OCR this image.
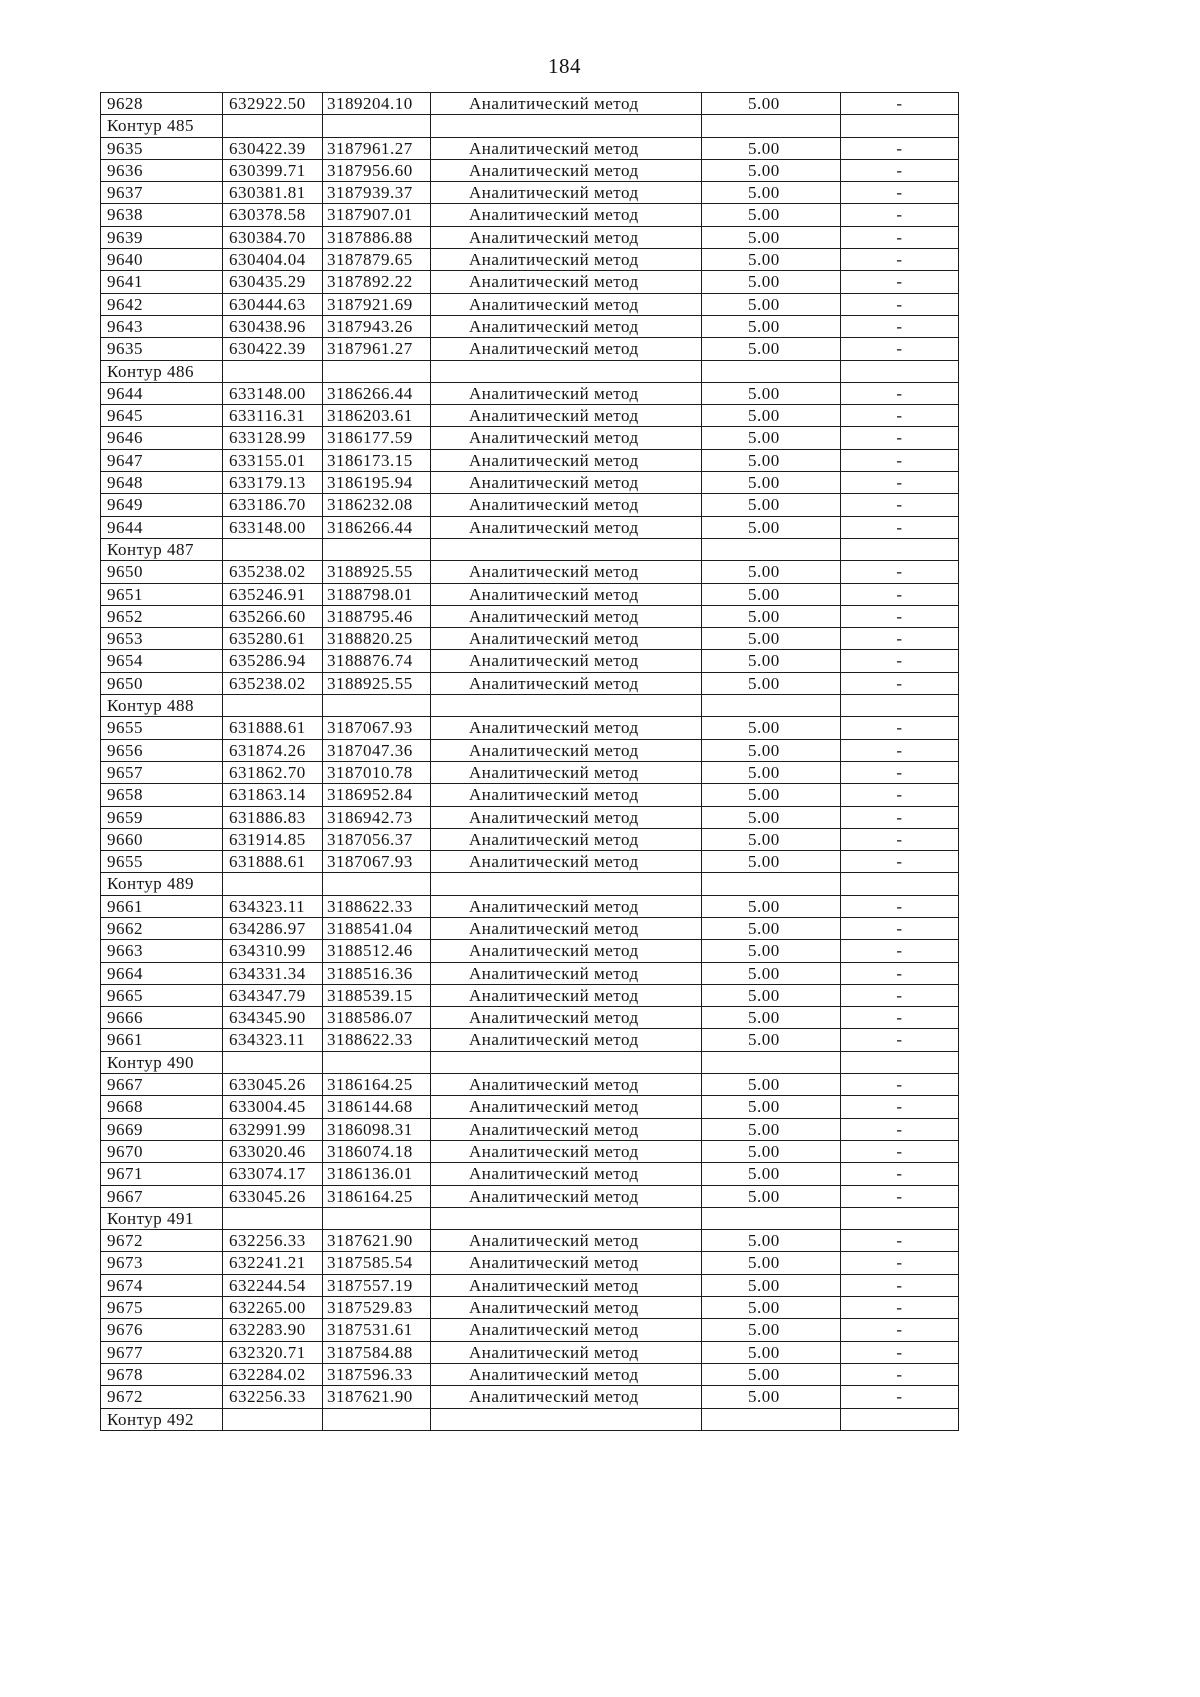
184
9628	632922.50	3189204.10	Аналитический метод	5.00	-
Контур 485
9635	630422.39	3187961.27	Аналитический метод	5.00	-
9636	630399.71	3187956.60	Аналитический метод	5.00	-
9637	630381.81	3187939.37	Аналитический метод	5.00	-
9638	630378.58	3187907.01	Аналитический метод	5.00	-
9639	630384.70	3187886.88	Аналитический метод	5.00	-
9640	630404.04	3187879.65	Аналитический метод	5.00	-
9641	630435.29	3187892.22	Аналитический метод	5.00	-
9642	630444.63	3187921.69	Аналитический метод	5.00	-
9643	630438.96	3187943.26	Аналитический метод	5.00	-
9635	630422.39	3187961.27	Аналитический метод	5.00	-
Контур 486
9644	633148.00	3186266.44	Аналитический метод	5.00	-
9645	633116.31	3186203.61	Аналитический метод	5.00	-
9646	633128.99	3186177.59	Аналитический метод	5.00	-
9647	633155.01	3186173.15	Аналитический метод	5.00	-
9648	633179.13	3186195.94	Аналитический метод	5.00	-
9649	633186.70	3186232.08	Аналитический метод	5.00	-
9644	633148.00	3186266.44	Аналитический метод	5.00	-
Контур 487
9650	635238.02	3188925.55	Аналитический метод	5.00	-
9651	635246.91	3188798.01	Аналитический метод	5.00	-
9652	635266.60	3188795.46	Аналитический метод	5.00	-
9653	635280.61	3188820.25	Аналитический метод	5.00	-
9654	635286.94	3188876.74	Аналитический метод	5.00	-
9650	635238.02	3188925.55	Аналитический метод	5.00	-
Контур 488
9655	631888.61	3187067.93	Аналитический метод	5.00	-
9656	631874.26	3187047.36	Аналитический метод	5.00	-
9657	631862.70	3187010.78	Аналитический метод	5.00	-
9658	631863.14	3186952.84	Аналитический метод	5.00	-
9659	631886.83	3186942.73	Аналитический метод	5.00	-
9660	631914.85	3187056.37	Аналитический метод	5.00	-
9655	631888.61	3187067.93	Аналитический метод	5.00	-
Контур 489
9661	634323.11	3188622.33	Аналитический метод	5.00	-
9662	634286.97	3188541.04	Аналитический метод	5.00	-
9663	634310.99	3188512.46	Аналитический метод	5.00	-
9664	634331.34	3188516.36	Аналитический метод	5.00	-
9665	634347.79	3188539.15	Аналитический метод	5.00	-
9666	634345.90	3188586.07	Аналитический метод	5.00	-
9661	634323.11	3188622.33	Аналитический метод	5.00	-
Контур 490
9667	633045.26	3186164.25	Аналитический метод	5.00	-
9668	633004.45	3186144.68	Аналитический метод	5.00	-
9669	632991.99	3186098.31	Аналитический метод	5.00	-
9670	633020.46	3186074.18	Аналитический метод	5.00	-
9671	633074.17	3186136.01	Аналитический метод	5.00	-
9667	633045.26	3186164.25	Аналитический метод	5.00	-
Контур 491
9672	632256.33	3187621.90	Аналитический метод	5.00	-
9673	632241.21	3187585.54	Аналитический метод	5.00	-
9674	632244.54	3187557.19	Аналитический метод	5.00	-
9675	632265.00	3187529.83	Аналитический метод	5.00	-
9676	632283.90	3187531.61	Аналитический метод	5.00	-
9677	632320.71	3187584.88	Аналитический метод	5.00	-
9678	632284.02	3187596.33	Аналитический метод	5.00	-
9672	632256.33	3187621.90	Аналитический метод	5.00	-
Контур 492
